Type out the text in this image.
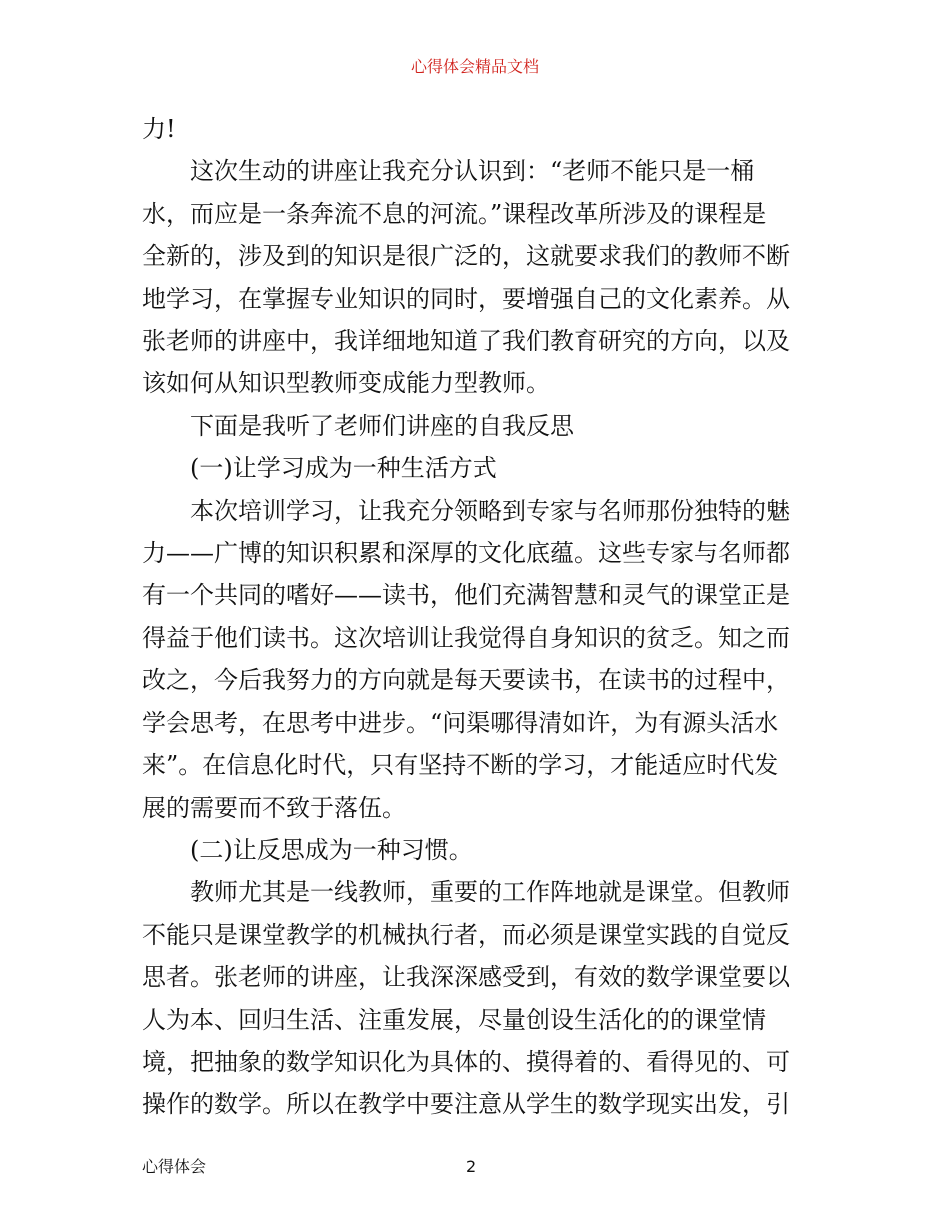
心得体会精品文档
力!
这次生动的讲座让我充分认识到：“老师不能只是一桶
水，而应是一条奔流不息的河流。”课程改革所涉及的课程是
全新的，涉及到的知识是很广泛的，这就要求我们的教师不断
地学习，在掌握专业知识的同时，要增强自己的文化素养。从
张老师的讲座中，我详细地知道了我们教育研究的方向，以及
该如何从知识型教师变成能力型教师。
下面是我听了老师们讲座的自我反思
(一)让学习成为一种生活方式
本次培训学习，让我充分领略到专家与名师那份独特的魅
力——广博的知识积累和深厚的文化底蕴。这些专家与名师都
有一个共同的嗜好——读书，他们充满智慧和灵气的课堂正是
得益于他们读书。这次培训让我觉得自身知识的贫乏。知之而
改之，今后我努力的方向就是每天要读书，在读书的过程中，
学会思考，在思考中进步。“问渠哪得清如许，为有源头活水
来”。在信息化时代，只有坚持不断的学习，才能适应时代发
展的需要而不致于落伍。
(二)让反思成为一种习惯。
教师尤其是一线教师，重要的工作阵地就是课堂。但教师
不能只是课堂教学的机械执行者，而必须是课堂实践的自觉反
思者。张老师的讲座，让我深深感受到，有效的数学课堂要以
人为本、回归生活、注重发展，尽量创设生活化的的课堂情
境，把抽象的数学知识化为具体的、摸得着的、看得见的、可
操作的数学。所以在教学中要注意从学生的数学现实出发，引
心得体会	2
